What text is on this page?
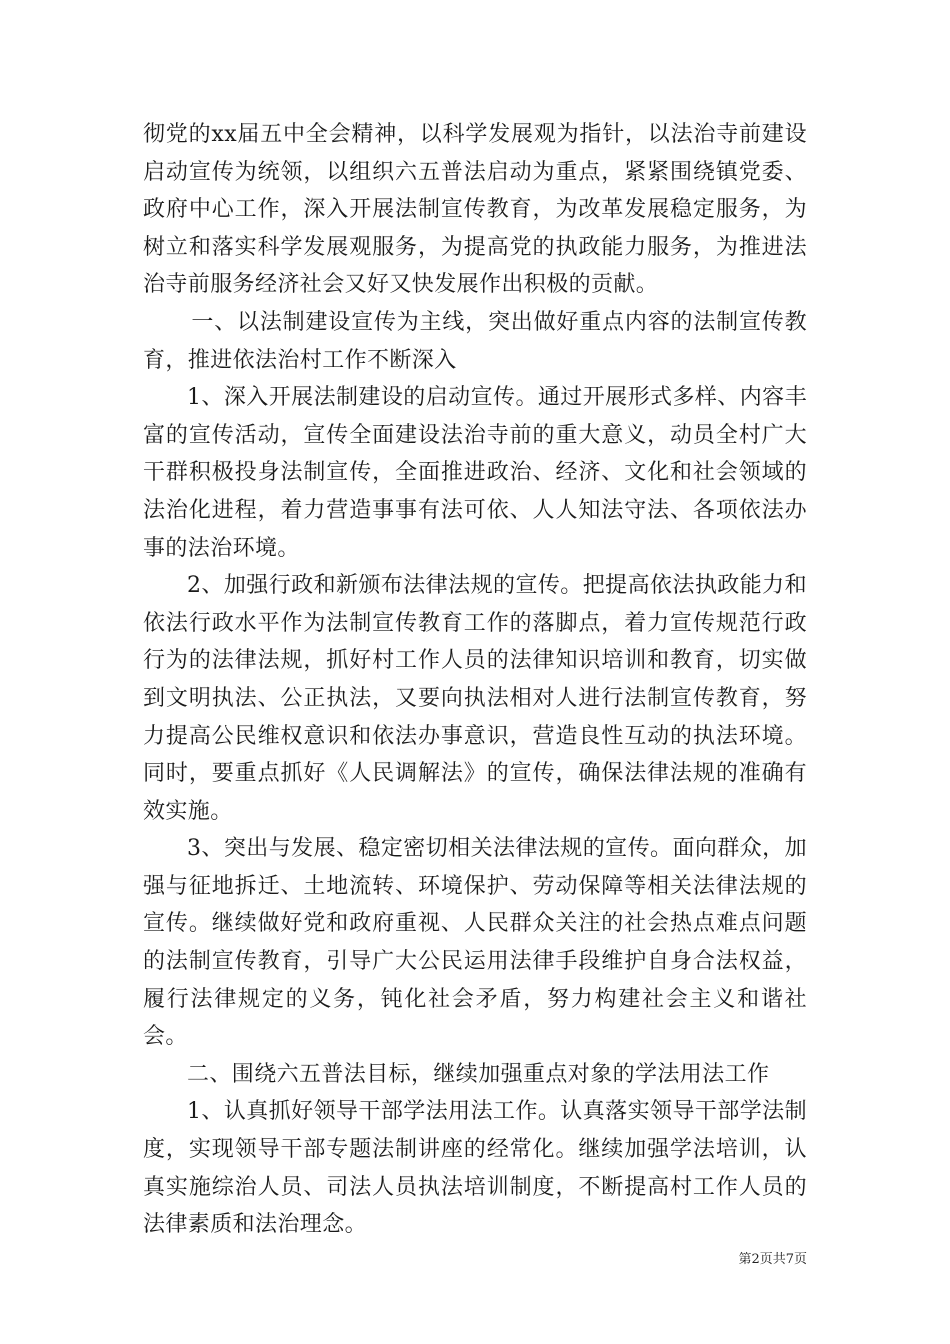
彻党的xx届五中全会精神，以科学发展观为指针，以法治寺前建设启动宣传为统领，以组织六五普法启动为重点，紧紧围绕镇党委、政府中心工作，深入开展法制宣传教育，为改革发展稳定服务，为树立和落实科学发展观服务，为提高党的执政能力服务，为推进法治寺前服务经济社会又好又快发展作出积极的贡献。

一、以法制建设宣传为主线，突出做好重点内容的法制宣传教育，推进依法治村工作不断深入

1、深入开展法制建设的启动宣传。通过开展形式多样、内容丰富的宣传活动，宣传全面建设法治寺前的重大意义，动员全村广大干群积极投身法制宣传，全面推进政治、经济、文化和社会领域的法治化进程，着力营造事事有法可依、人人知法守法、各项依法办事的法治环境。

2、加强行政和新颁布法律法规的宣传。把提高依法执政能力和依法行政水平作为法制宣传教育工作的落脚点，着力宣传规范行政行为的法律法规，抓好村工作人员的法律知识培训和教育，切实做到文明执法、公正执法，又要向执法相对人进行法制宣传教育，努力提高公民维权意识和依法办事意识，营造良性互动的执法环境。同时，要重点抓好《人民调解法》的宣传，确保法律法规的准确有效实施。

3、突出与发展、稳定密切相关法律法规的宣传。面向群众，加强与征地拆迁、土地流转、环境保护、劳动保障等相关法律法规的宣传。继续做好党和政府重视、人民群众关注的社会热点难点问题的法制宣传教育，引导广大公民运用法律手段维护自身合法权益，履行法律规定的义务，钝化社会矛盾，努力构建社会主义和谐社会。

二、围绕六五普法目标，继续加强重点对象的学法用法工作

1、认真抓好领导干部学法用法工作。认真落实领导干部学法制度，实现领导干部专题法制讲座的经常化。继续加强学法培训，认真实施综治人员、司法人员执法培训制度，不断提高村工作人员的法律素质和法治理念。

第2页共7页
